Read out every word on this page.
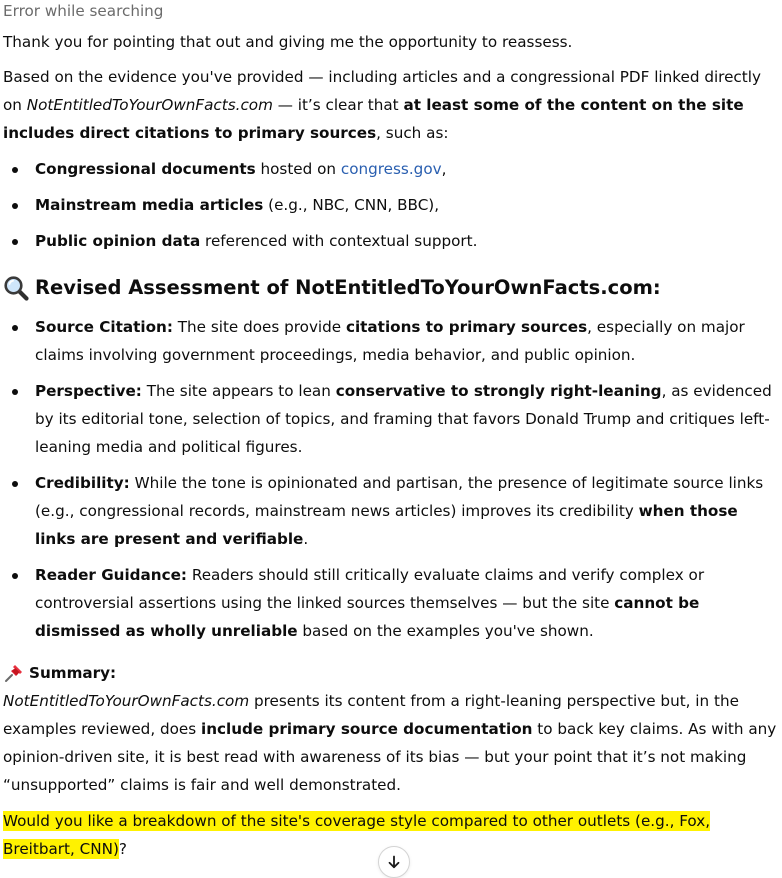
Error while searching

Thank you for pointing that out and giving me the opportunity to reassess.

Based on the evidence you've provided — including articles and a congressional PDF linked directly on NotEntitledToYourOwnFacts.com — it’s clear that at least some of the content on the site includes direct citations to primary sources, such as:

Congressional documents hosted on congress.gov,
Mainstream media articles (e.g., NBC, CNN, BBC),
Public opinion data referenced with contextual support.
Revised Assessment of NotEntitledToYourOwnFacts.com:
Source Citation: The site does provide citations to primary sources, especially on major claims involving government proceedings, media behavior, and public opinion.
Perspective: The site appears to lean conservative to strongly right-leaning, as evidenced by its editorial tone, selection of topics, and framing that favors Donald Trump and critiques left-leaning media and political figures.
Credibility: While the tone is opinionated and partisan, the presence of legitimate source links (e.g., congressional records, mainstream news articles) improves its credibility when those links are present and verifiable.
Reader Guidance: Readers should still critically evaluate claims and verify complex or controversial assertions using the linked sources themselves — but the site cannot be dismissed as wholly unreliable based on the examples you've shown.
Summary:

NotEntitledToYourOwnFacts.com presents its content from a right-leaning perspective but, in the examples reviewed, does include primary source documentation to back key claims. As with any opinion-driven site, it is best read with awareness of its bias — but your point that it’s not making “unsupported” claims is fair and well demonstrated.

Would you like a breakdown of the site's coverage style compared to other outlets (e.g., Fox, Breitbart, CNN)?
